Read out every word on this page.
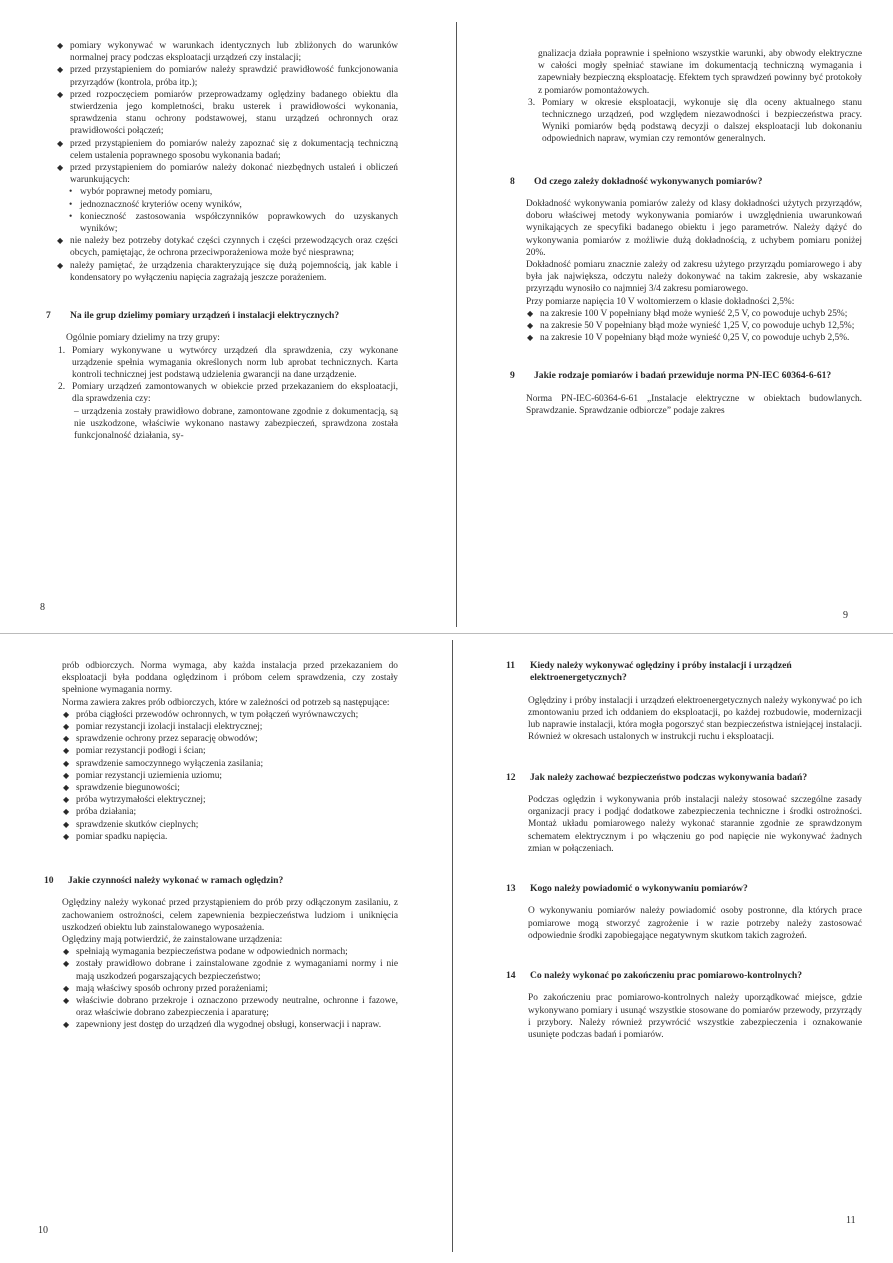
◆ pomiary wykonywać w warunkach identycznych lub zbliżonych do warunków normalnej pracy podczas eksploatacji urządzeń czy instalacji;
◆ przed przystąpieniem do pomiarów należy sprawdzić prawidłowość funkcjonowania przyrządów (kontrola, próba itp.);
◆ przed rozpoczęciem pomiarów przeprowadzamy oględziny badanego obiektu dla stwierdzenia jego kompletności, braku usterek i prawidłowości wykonania, sprawdzenia stanu ochrony podstawowej, stanu urządzeń ochronnych oraz prawidłowości połączeń;
◆ przed przystąpieniem do pomiarów należy zapoznać się z dokumentacją techniczną celem ustalenia poprawnego sposobu wykonania badań;
◆ przed przystąpieniem do pomiarów należy dokonać niezbędnych ustaleń i obliczeń warunkujących:
• wybór poprawnej metody pomiaru,
• jednoznaczność kryteriów oceny wyników,
• konieczność zastosowania współczynników poprawkowych do uzyskanych wyników;
◆ nie należy bez potrzeby dotykać części czynnych i części przewodzących oraz części obcych, pamiętając, że ochrona przeciwporażeniowa może być niesprawna;
◆ należy pamiętać, że urządzenia charakteryzujące się dużą pojemnością, jak kable i kondensatory po wyłączeniu napięcia zagrażają jeszcze porażeniem.
7 Na ile grup dzielimy pomiary urządzeń i instalacji elektrycznych?

Ogólnie pomiary dzielimy na trzy grupy:

1. Pomiary wykonywane u wytwórcy urządzeń dla sprawdzenia, czy wykonane urządzenie spełnia wymagania określonych norm lub aprobat technicznych. Karta kontroli technicznej jest podstawą udzielenia gwarancji na dane urządzenie.
2. Pomiary urządzeń zamontowanych w obiekcie przed przekazaniem do eksploatacji, dla sprawdzenia czy:

– urządzenia zostały prawidłowo dobrane, zamontowane zgodnie z dokumentacją, są nie uszkodzone, właściwie wykonano nastawy zabezpieczeń, sprawdzona została funkcjonalność działania, sy-

8

gnalizacja działa poprawnie i spełniono wszystkie warunki, aby obwody elektryczne w całości mogły spełniać stawiane im dokumentacją techniczną wymagania i zapewniały bezpieczną eksploatację. Efektem tych sprawdzeń powinny być protokoły z pomiarów pomontażowych.

3. Pomiary w okresie eksploatacji, wykonuje się dla oceny aktualnego stanu technicznego urządzeń, pod względem niezawodności i bezpieczeństwa pracy. Wyniki pomiarów będą podstawą decyzji o dalszej eksploatacji lub dokonaniu odpowiednich napraw, wymian czy remontów generalnych.
8 Od czego zależy dokładność wykonywanych pomiarów?

Dokładność wykonywania pomiarów zależy od klasy dokładności użytych przyrządów, doboru właściwej metody wykonywania pomiarów i uwzględnienia uwarunkowań wynikających ze specyfiki badanego obiektu i jego parametrów. Należy dążyć do wykonywania pomiarów z możliwie dużą dokładnością, z uchybem pomiaru poniżej 20%.

Dokładność pomiaru znacznie zależy od zakresu użytego przyrządu pomiarowego i aby była jak największa, odczytu należy dokonywać na takim zakresie, aby wskazanie przyrządu wynosiło co najmniej 3/4 zakresu pomiarowego.

Przy pomiarze napięcia 10 V woltomierzem o klasie dokładności 2,5%:

◆ na zakresie 100 V popełniany błąd może wynieść 2,5 V, co powoduje uchyb 25%;
◆ na zakresie 50 V popełniany błąd może wynieść 1,25 V, co powoduje uchyb 12,5%;
◆ na zakresie 10 V popełniany błąd może wynieść 0,25 V, co powoduje uchyb 2,5%.
9 Jakie rodzaje pomiarów i badań przewiduje norma PN-IEC 60364-6-61?

Norma PN-IEC-60364-6-61 „Instalacje elektryczne w obiektach budowlanych. Sprawdzanie. Sprawdzanie odbiorcze” podaje zakres

9

prób odbiorczych. Norma wymaga, aby każda instalacja przed przekazaniem do eksploatacji była poddana oględzinom i próbom celem sprawdzenia, czy zostały spełnione wymagania normy.

Norma zawiera zakres prób odbiorczych, które w zależności od potrzeb są następujące:

◆ próba ciągłości przewodów ochronnych, w tym połączeń wyrównawczych;
◆ pomiar rezystancji izolacji instalacji elektrycznej;
◆ sprawdzenie ochrony przez separację obwodów;
◆ pomiar rezystancji podłogi i ścian;
◆ sprawdzenie samoczynnego wyłączenia zasilania;
◆ pomiar rezystancji uziemienia uziomu;
◆ sprawdzenie biegunowości;
◆ próba wytrzymałości elektrycznej;
◆ próba działania;
◆ sprawdzenie skutków cieplnych;
◆ pomiar spadku napięcia.
10 Jakie czynności należy wykonać w ramach oględzin?

Oględziny należy wykonać przed przystąpieniem do prób przy odłączonym zasilaniu, z zachowaniem ostrożności, celem zapewnienia bezpieczeństwa ludziom i uniknięcia uszkodzeń obiektu lub zainstalowanego wyposażenia.

Oględziny mają potwierdzić, że zainstalowane urządzenia:

◆ spełniają wymagania bezpieczeństwa podane w odpowiednich normach;
◆ zostały prawidłowo dobrane i zainstalowane zgodnie z wymaganiami normy i nie mają uszkodzeń pogarszających bezpieczeństwo;
◆ mają właściwy sposób ochrony przed porażeniami;
◆ właściwie dobrano przekroje i oznaczono przewody neutralne, ochronne i fazowe, oraz właściwie dobrano zabezpieczenia i aparaturę;
◆ zapewniony jest dostęp do urządzeń dla wygodnej obsługi, konserwacji i napraw.
10
11 Kiedy należy wykonywać oględziny i próby instalacji i urządzeń elektroenergetycznych?

Oględziny i próby instalacji i urządzeń elektroenergetycznych należy wykonywać po ich zmontowaniu przed ich oddaniem do eksploatacji, po każdej rozbudowie, modernizacji lub naprawie instalacji, która mogła pogorszyć stan bezpieczeństwa istniejącej instalacji. Również w okresach ustalonych w instrukcji ruchu i eksploatacji.

12 Jak należy zachować bezpieczeństwo podczas wykonywania badań?

Podczas oględzin i wykonywania prób instalacji należy stosować szczególne zasady organizacji pracy i podjąć dodatkowe zabezpieczenia techniczne i środki ostrożności. Montaż układu pomiarowego należy wykonać starannie zgodnie ze sprawdzonym schematem elektrycznym i po włączeniu go pod napięcie nie wykonywać żadnych zmian w połączeniach.

13 Kogo należy powiadomić o wykonywaniu pomiarów?

O wykonywaniu pomiarów należy powiadomić osoby postronne, dla których prace pomiarowe mogą stworzyć zagrożenie i w razie potrzeby należy zastosować odpowiednie środki zapobiegające negatywnym skutkom takich zagrożeń.

14 Co należy wykonać po zakończeniu prac pomiarowo-kontrolnych?

Po zakończeniu prac pomiarowo-kontrolnych należy uporządkować miejsce, gdzie wykonywano pomiary i usunąć wszystkie stosowane do pomiarów przewody, przyrządy i przybory. Należy również przywrócić wszystkie zabezpieczenia i oznakowanie usunięte podczas badań i pomiarów.

11
